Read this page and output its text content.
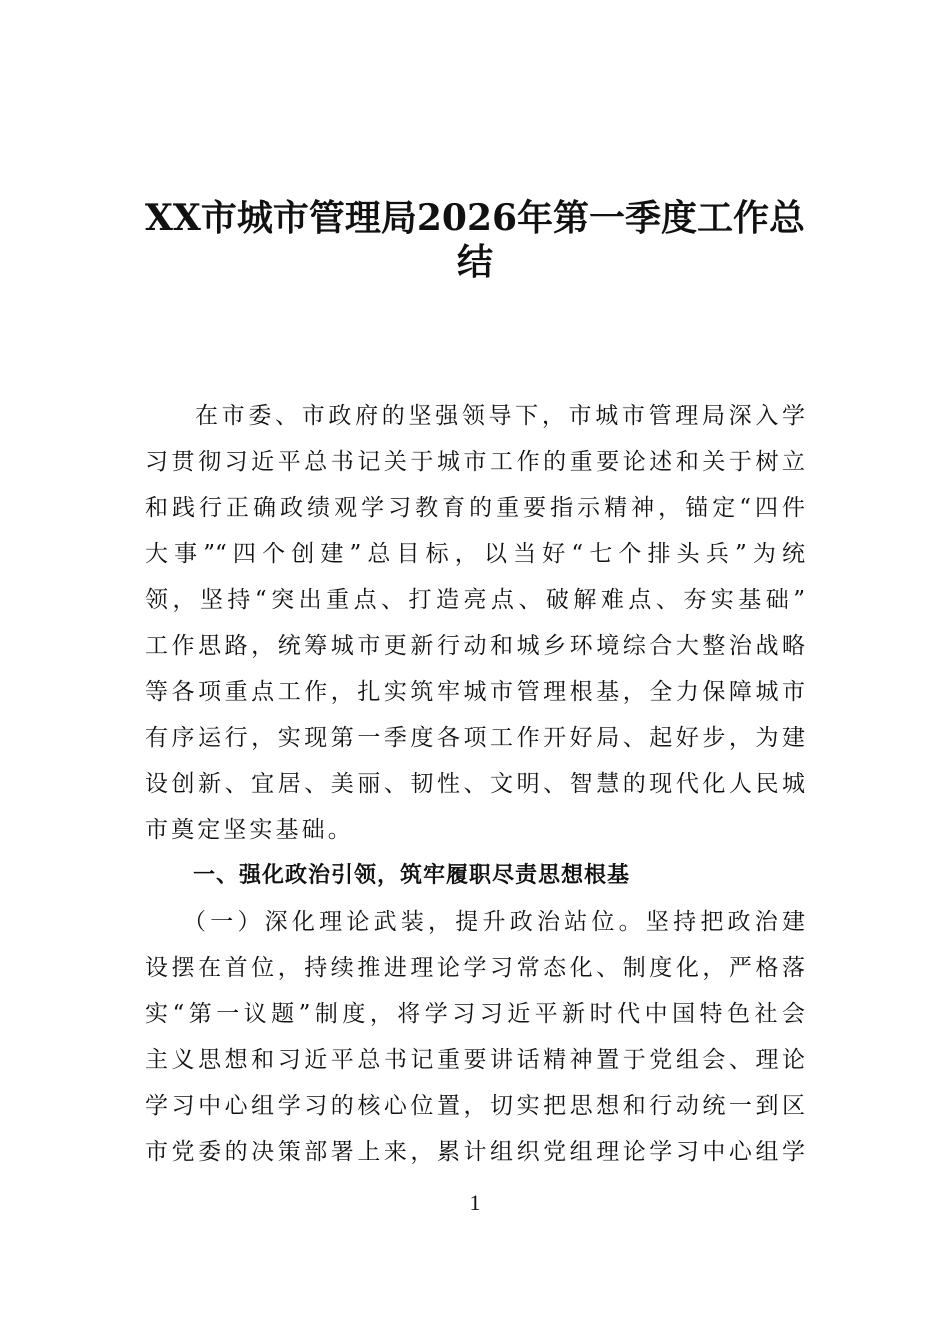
XX市城市管理局2026年第一季度工作总
结
在市委、市政府的坚强领导下，市城市管理局深入学
习贯彻习近平总书记关于城市工作的重要论述和关于树立
和践行正确政绩观学习教育的重要指示精神，锚定“四件
大事”“四个创建”总目标，以当好“七个排头兵”为统
领，坚持“突出重点、打造亮点、破解难点、夯实基础”
工作思路，统筹城市更新行动和城乡环境综合大整治战略
等各项重点工作，扎实筑牢城市管理根基，全力保障城市
有序运行，实现第一季度各项工作开好局、起好步，为建
设创新、宜居、美丽、韧性、文明、智慧的现代化人民城
市奠定坚实基础。
一、强化政治引领，筑牢履职尽责思想根基
（一）深化理论武装，提升政治站位。坚持把政治建
设摆在首位，持续推进理论学习常态化、制度化，严格落
实“第一议题”制度，将学习习近平新时代中国特色社会
主义思想和习近平总书记重要讲话精神置于党组会、理论
学习中心组学习的核心位置，切实把思想和行动统一到区
市党委的决策部署上来，累计组织党组理论学习中心组学
1
